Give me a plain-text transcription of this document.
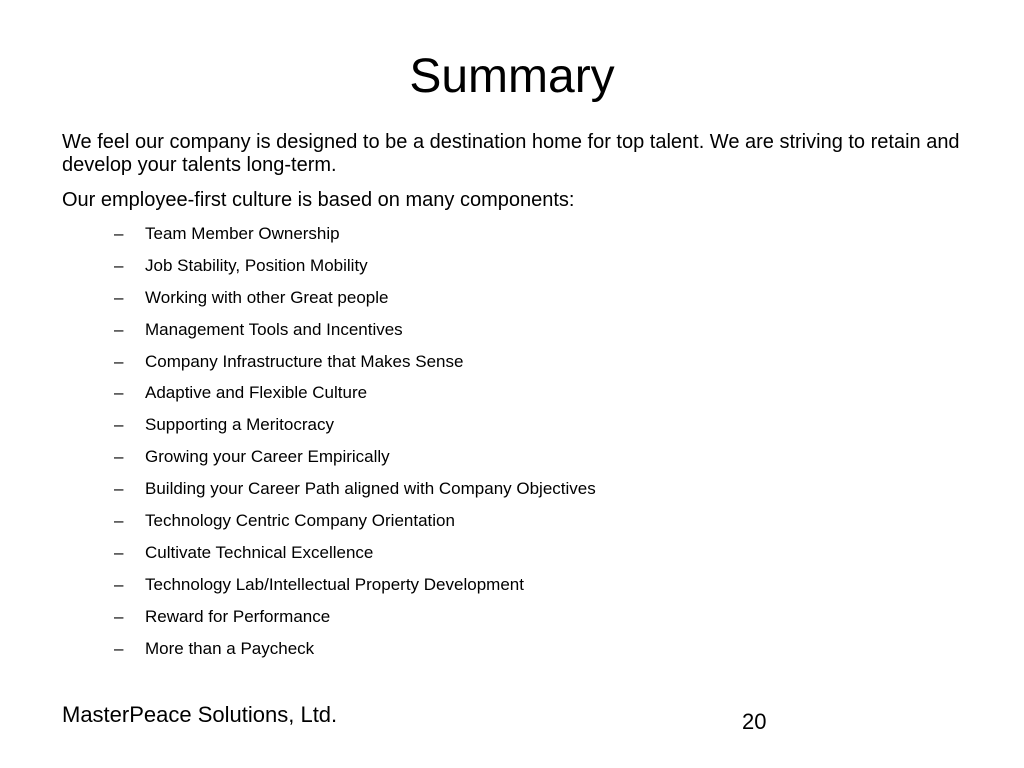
Summary

We feel our company is designed to be a destination home for top talent. We are striving to retain and develop your talents long-term.

Our employee-first culture is based on many components:

–	Team Member Ownership
–	Job Stability, Position Mobility
–	Working with other Great people
–	Management Tools and Incentives
–	Company Infrastructure that Makes Sense
–	Adaptive and Flexible Culture
–	Supporting a Meritocracy
–	Growing your Career Empirically
–	Building your Career Path aligned with Company Objectives
–	Technology Centric Company Orientation
–	Cultivate Technical Excellence
–	Technology Lab/Intellectual Property Development
–	Reward for Performance
–	More than a Paycheck

MasterPeace Solutions, Ltd.	20
